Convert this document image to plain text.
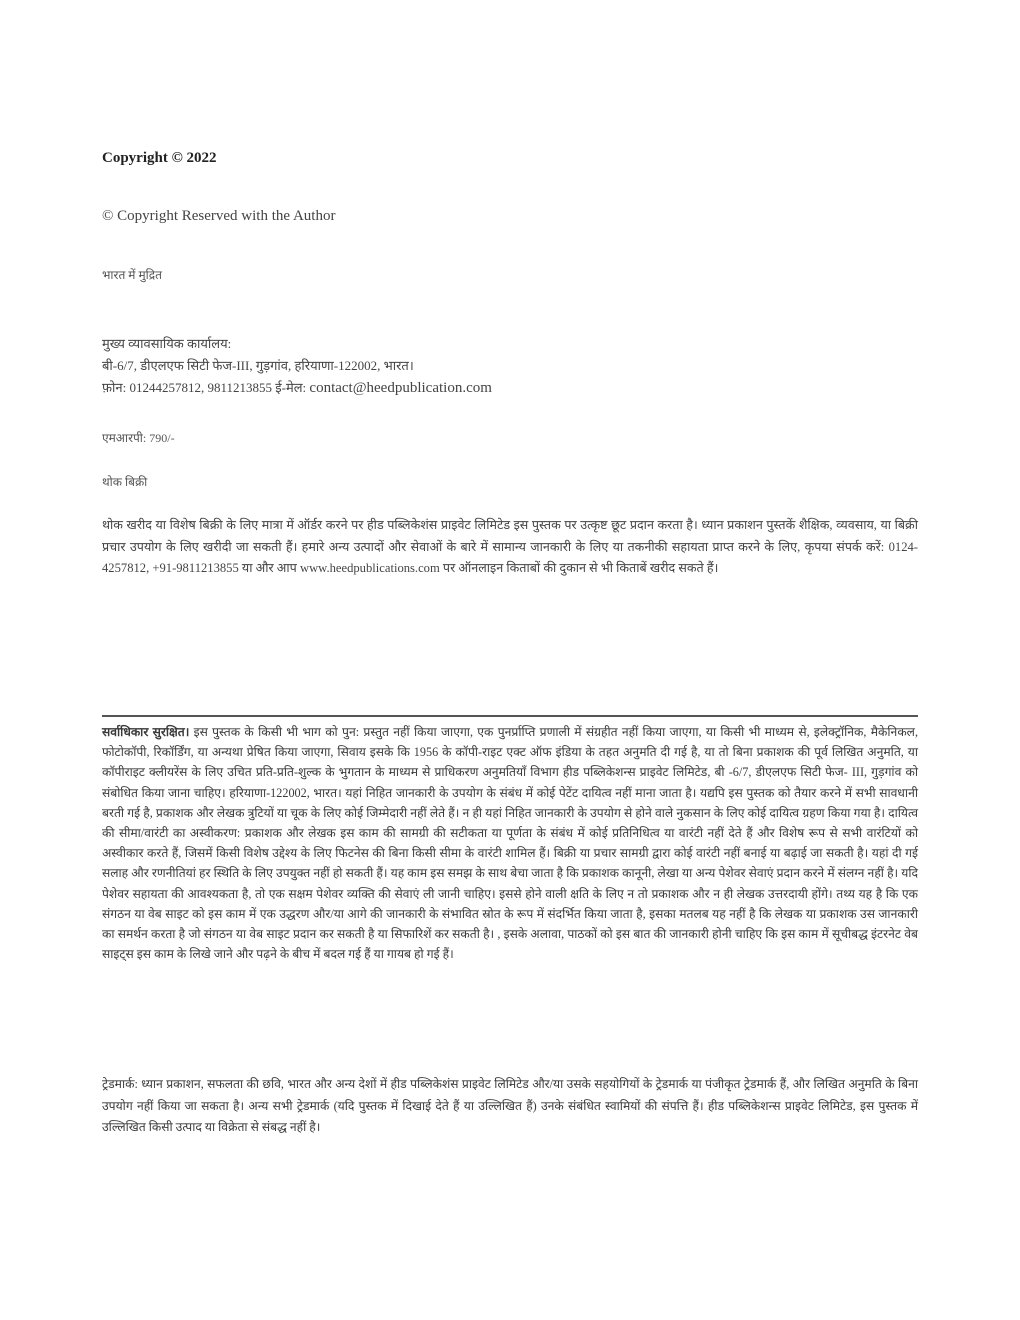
Copyright © 2022
© Copyright Reserved with the Author
भारत में मुद्रित
मुख्य व्यावसायिक कार्यालय:
बी-6/7, डीएलएफ सिटी फेज-III, गुड़गांव, हरियाणा-122002, भारत।
फ़ोन: 01244257812, 9811213855 ई-मेल: contact@heedpublication.com
एमआरपी: 790/-
थोक बिक्री
थोक खरीद या विशेष बिक्री के लिए मात्रा में ऑर्डर करने पर हीड पब्लिकेशंस प्राइवेट लिमिटेड इस पुस्तक पर उत्कृष्ट छूट प्रदान करता है। ध्यान प्रकाशन पुस्तकें शैक्षिक, व्यवसाय, या बिक्री प्रचार उपयोग के लिए खरीदी जा सकती हैं। हमारे अन्य उत्पादों और सेवाओं के बारे में सामान्य जानकारी के लिए या तकनीकी सहायता प्राप्त करने के लिए, कृपया संपर्क करें: 0124-4257812, +91-9811213855 या और आप www.heedpublications.com पर ऑनलाइन किताबों की दुकान से भी किताबें खरीद सकते हैं।
सर्वाधिकार सुरक्षित। इस पुस्तक के किसी भी भाग को पुन: प्रस्तुत नहीं किया जाएगा, एक पुनर्प्राप्ति प्रणाली में संग्रहीत नहीं किया जाएगा, या किसी भी माध्यम से, इलेक्ट्रॉनिक, मैकेनिकल, फोटोकॉपी, रिकॉर्डिंग, या अन्यथा प्रेषित किया जाएगा, सिवाय इसके कि 1956 के कॉपी-राइट एक्ट ऑफ इंडिया के तहत अनुमति दी गई है, या तो बिना प्रकाशक की पूर्व लिखित अनुमति, या कॉपीराइट क्लीयरेंस के लिए उचित प्रति-प्रति-शुल्क के भुगतान के माध्यम से प्राधिकरण अनुमतियाँ विभाग हीड पब्लिकेशन्स प्राइवेट लिमिटेड, बी -6/7, डीएलएफ सिटी फेज- III, गुड़गांव को संबोधित किया जाना चाहिए। हरियाणा-122002, भारत। यहां निहित जानकारी के उपयोग के संबंध में कोई पेटेंट दायित्व नहीं माना जाता है। यद्यपि इस पुस्तक को तैयार करने में सभी सावधानी बरती गई है, प्रकाशक और लेखक त्रुटियों या चूक के लिए कोई जिम्मेदारी नहीं लेते हैं। न ही यहां निहित जानकारी के उपयोग से होने वाले नुकसान के लिए कोई दायित्व ग्रहण किया गया है। दायित्व की सीमा/वारंटी का अस्वीकरण: प्रकाशक और लेखक इस काम की सामग्री की सटीकता या पूर्णता के संबंध में कोई प्रतिनिधित्व या वारंटी नहीं देते हैं और विशेष रूप से सभी वारंटियों को अस्वीकार करते हैं, जिसमें किसी विशेष उद्देश्य के लिए फिटनेस की बिना किसी सीमा के वारंटी शामिल हैं। बिक्री या प्रचार सामग्री द्वारा कोई वारंटी नहीं बनाई या बढ़ाई जा सकती है। यहां दी गई सलाह और रणनीतियां हर स्थिति के लिए उपयुक्त नहीं हो सकती हैं। यह काम इस समझ के साथ बेचा जाता है कि प्रकाशक कानूनी, लेखा या अन्य पेशेवर सेवाएं प्रदान करने में संलग्न नहीं है। यदि पेशेवर सहायता की आवश्यकता है, तो एक सक्षम पेशेवर व्यक्ति की सेवाएं ली जानी चाहिए। इससे होने वाली क्षति के लिए न तो प्रकाशक और न ही लेखक उत्तरदायी होंगे। तथ्य यह है कि एक संगठन या वेब साइट को इस काम में एक उद्धरण और/या आगे की जानकारी के संभावित स्रोत के रूप में संदर्भित किया जाता है, इसका मतलब यह नहीं है कि लेखक या प्रकाशक उस जानकारी का समर्थन करता है जो संगठन या वेब साइट प्रदान कर सकती है या सिफारिशें कर सकती है। , इसके अलावा, पाठकों को इस बात की जानकारी होनी चाहिए कि इस काम में सूचीबद्ध इंटरनेट वेब साइट्स इस काम के लिखे जाने और पढ़ने के बीच में बदल गई हैं या गायब हो गई हैं।
ट्रेडमार्क: ध्यान प्रकाशन, सफलता की छवि, भारत और अन्य देशों में हीड पब्लिकेशंस प्राइवेट लिमिटेड और/या उसके सहयोगियों के ट्रेडमार्क या पंजीकृत ट्रेडमार्क हैं, और लिखित अनुमति के बिना उपयोग नहीं किया जा सकता है। अन्य सभी ट्रेडमार्क (यदि पुस्तक में दिखाई देते हैं या उल्लिखित हैं) उनके संबंधित स्वामियों की संपत्ति हैं। हीड पब्लिकेशन्स प्राइवेट लिमिटेड, इस पुस्तक में उल्लिखित किसी उत्पाद या विक्रेता से संबद्ध नहीं है।
